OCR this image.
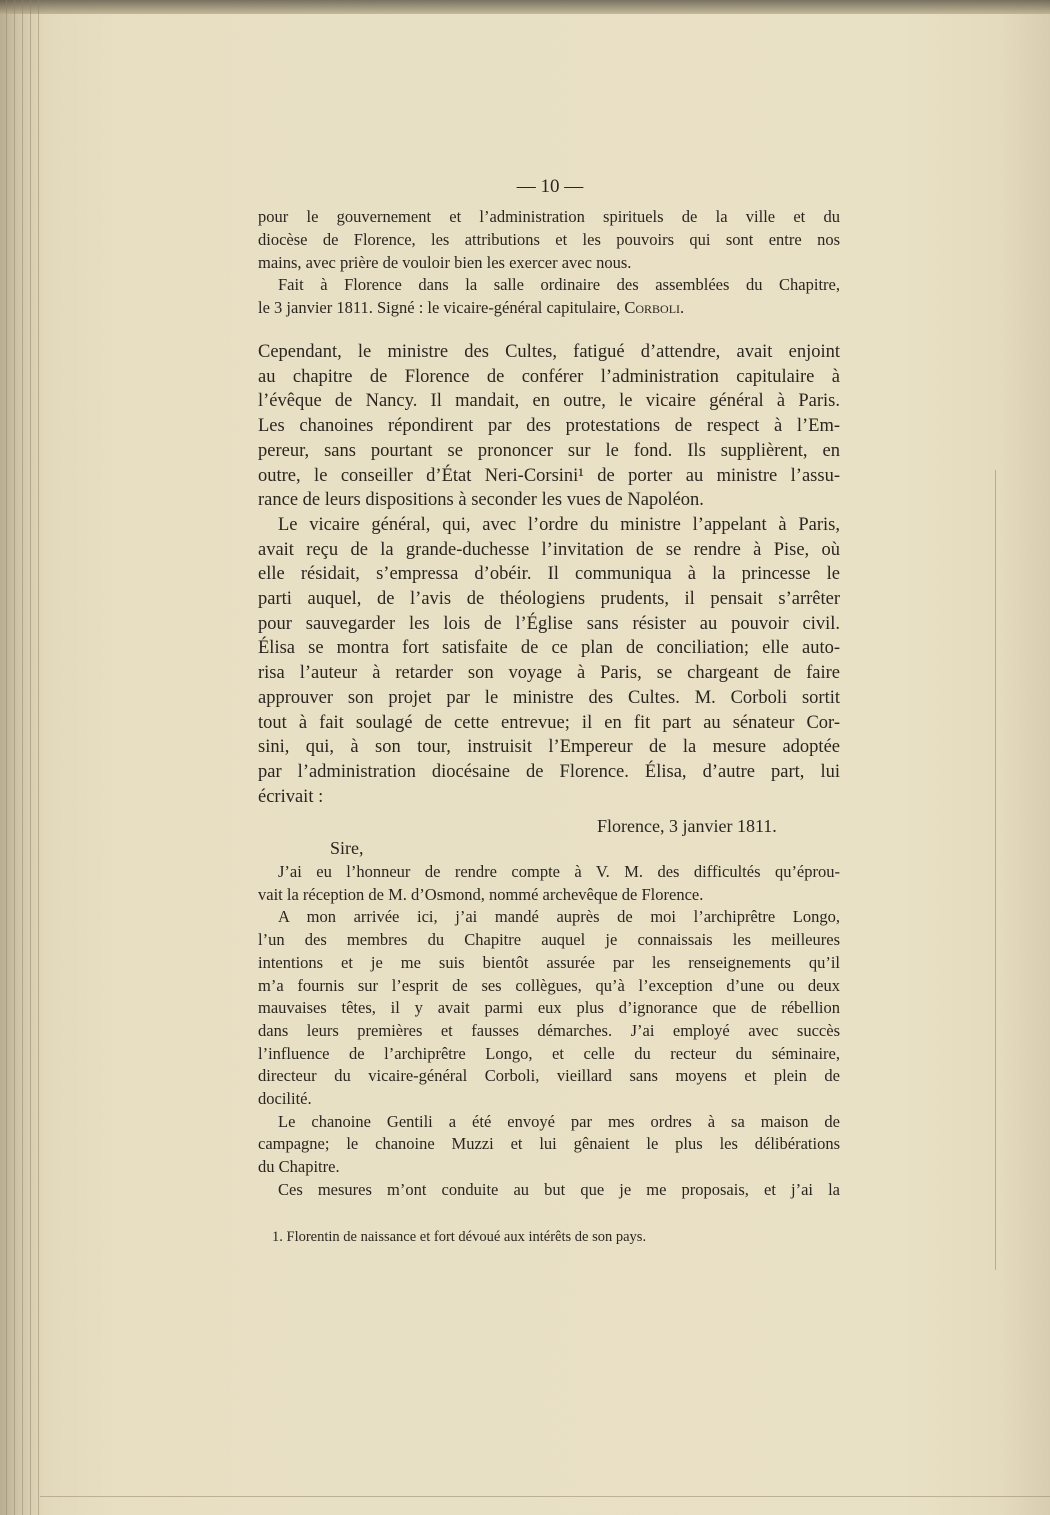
— 10 —
pour le gouvernement et l’administration spirituels de la ville et du
diocèse de Florence, les attributions et les pouvoirs qui sont entre nos
mains, avec prière de vouloir bien les exercer avec nous.
Fait à Florence dans la salle ordinaire des assemblées du Chapitre,
le 3 janvier 1811. Signé : le vicaire-général capitulaire, Corboli.
Cependant, le ministre des Cultes, fatigué d’attendre, avait enjoint
au chapitre de Florence de conférer l’administration capitulaire à
l’évêque de Nancy. Il mandait, en outre, le vicaire général à Paris.
Les chanoines répondirent par des protestations de respect à l’Em-
pereur, sans pourtant se prononcer sur le fond. Ils supplièrent, en
outre, le conseiller d’État Neri-Corsini¹ de porter au ministre l’assu-
rance de leurs dispositions à seconder les vues de Napoléon.
Le vicaire général, qui, avec l’ordre du ministre l’appelant à Paris,
avait reçu de la grande-duchesse l’invitation de se rendre à Pise, où
elle résidait, s’empressa d’obéir. Il communiqua à la princesse le
parti auquel, de l’avis de théologiens prudents, il pensait s’arrêter
pour sauvegarder les lois de l’Église sans résister au pouvoir civil.
Élisa se montra fort satisfaite de ce plan de conciliation; elle auto-
risa l’auteur à retarder son voyage à Paris, se chargeant de faire
approuver son projet par le ministre des Cultes. M. Corboli sortit
tout à fait soulagé de cette entrevue; il en fit part au sénateur Cor-
sini, qui, à son tour, instruisit l’Empereur de la mesure adoptée
par l’administration diocésaine de Florence. Élisa, d’autre part, lui
écrivait :
J’ai eu l’honneur de rendre compte à V. M. des difficultés qu’éprou-
vait la réception de M. d’Osmond, nommé archevêque de Florence.
A mon arrivée ici, j’ai mandé auprès de moi l’archiprêtre Longo,
l’un des membres du Chapitre auquel je connaissais les meilleures
intentions et je me suis bientôt assurée par les renseignements qu’il
m’a fournis sur l’esprit de ses collègues, qu’à l’exception d’une ou deux
mauvaises têtes, il y avait parmi eux plus d’ignorance que de rébellion
dans leurs premières et fausses démarches. J’ai employé avec succès
l’influence de l’archiprêtre Longo, et celle du recteur du séminaire,
directeur du vicaire-général Corboli, vieillard sans moyens et plein de
docilité.
Le chanoine Gentili a été envoyé par mes ordres à sa maison de
campagne; le chanoine Muzzi et lui gênaient le plus les délibérations
du Chapitre.
Ces mesures m’ont conduite au but que je me proposais, et j’ai la
Florence, 3 janvier 1811.
Sire,
1. Florentin de naissance et fort dévoué aux intérêts de son pays.
